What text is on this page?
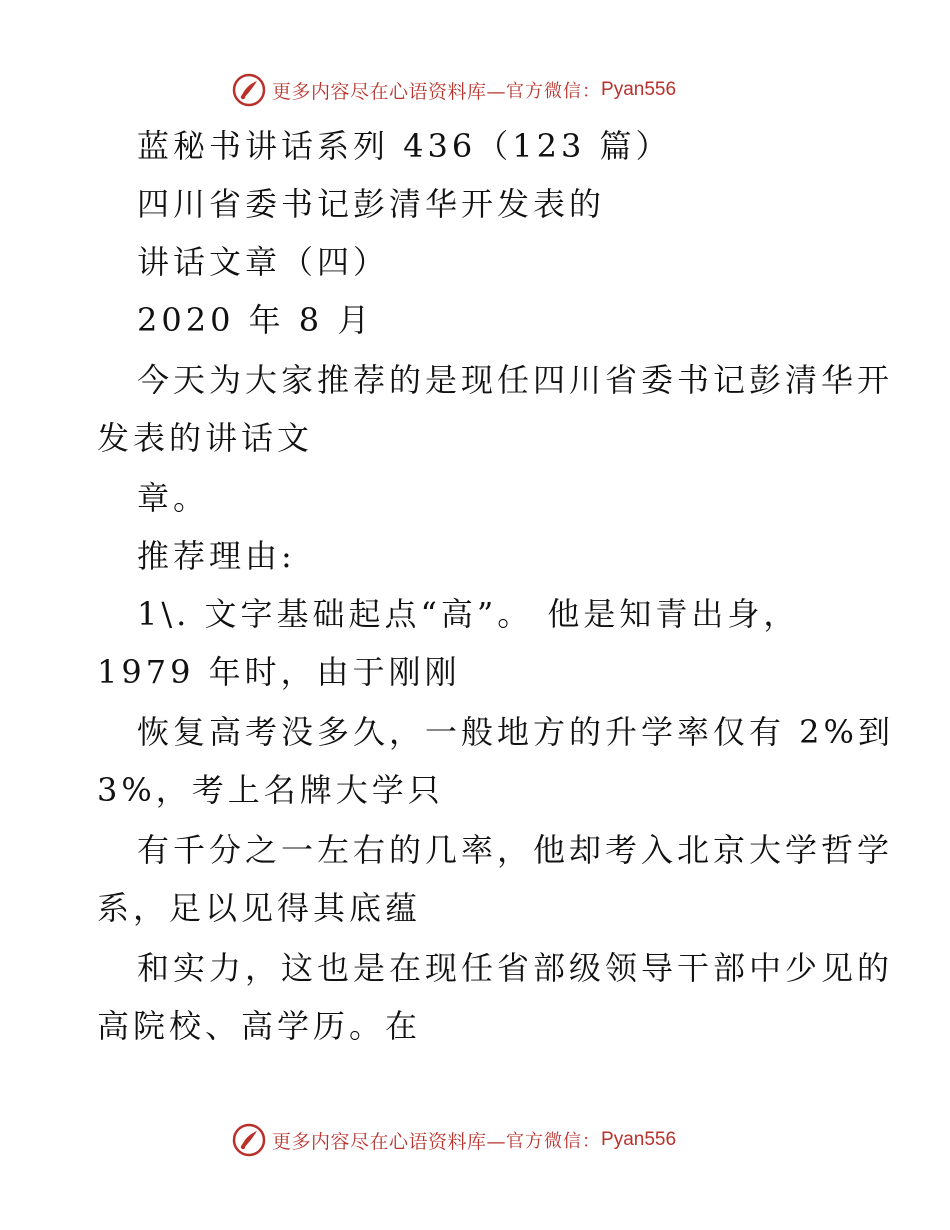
更多内容尽在心语资料库— 官方微信： Pyan556
蓝秘书讲话系列 436（123 篇）
四川省委书记彭清华开发表的
讲话文章（四）
2020 年 8 月
今天为大家推荐的是现任四川省委书记彭清华开
发表的讲话文
章。
推荐理由:
1\. 文字基础起点“高”。 他是知青出身，
1979 年时，由于刚刚
恢复高考没多久，一般地方的升学率仅有 2%到
3%，考上名牌大学只
有千分之一左右的几率，他却考入北京大学哲学
系，足以见得其底蕴
和实力，这也是在现任省部级领导干部中少见的
高院校、高学历。在
更多内容尽在心语资料库— 官方微信： Pyan556
